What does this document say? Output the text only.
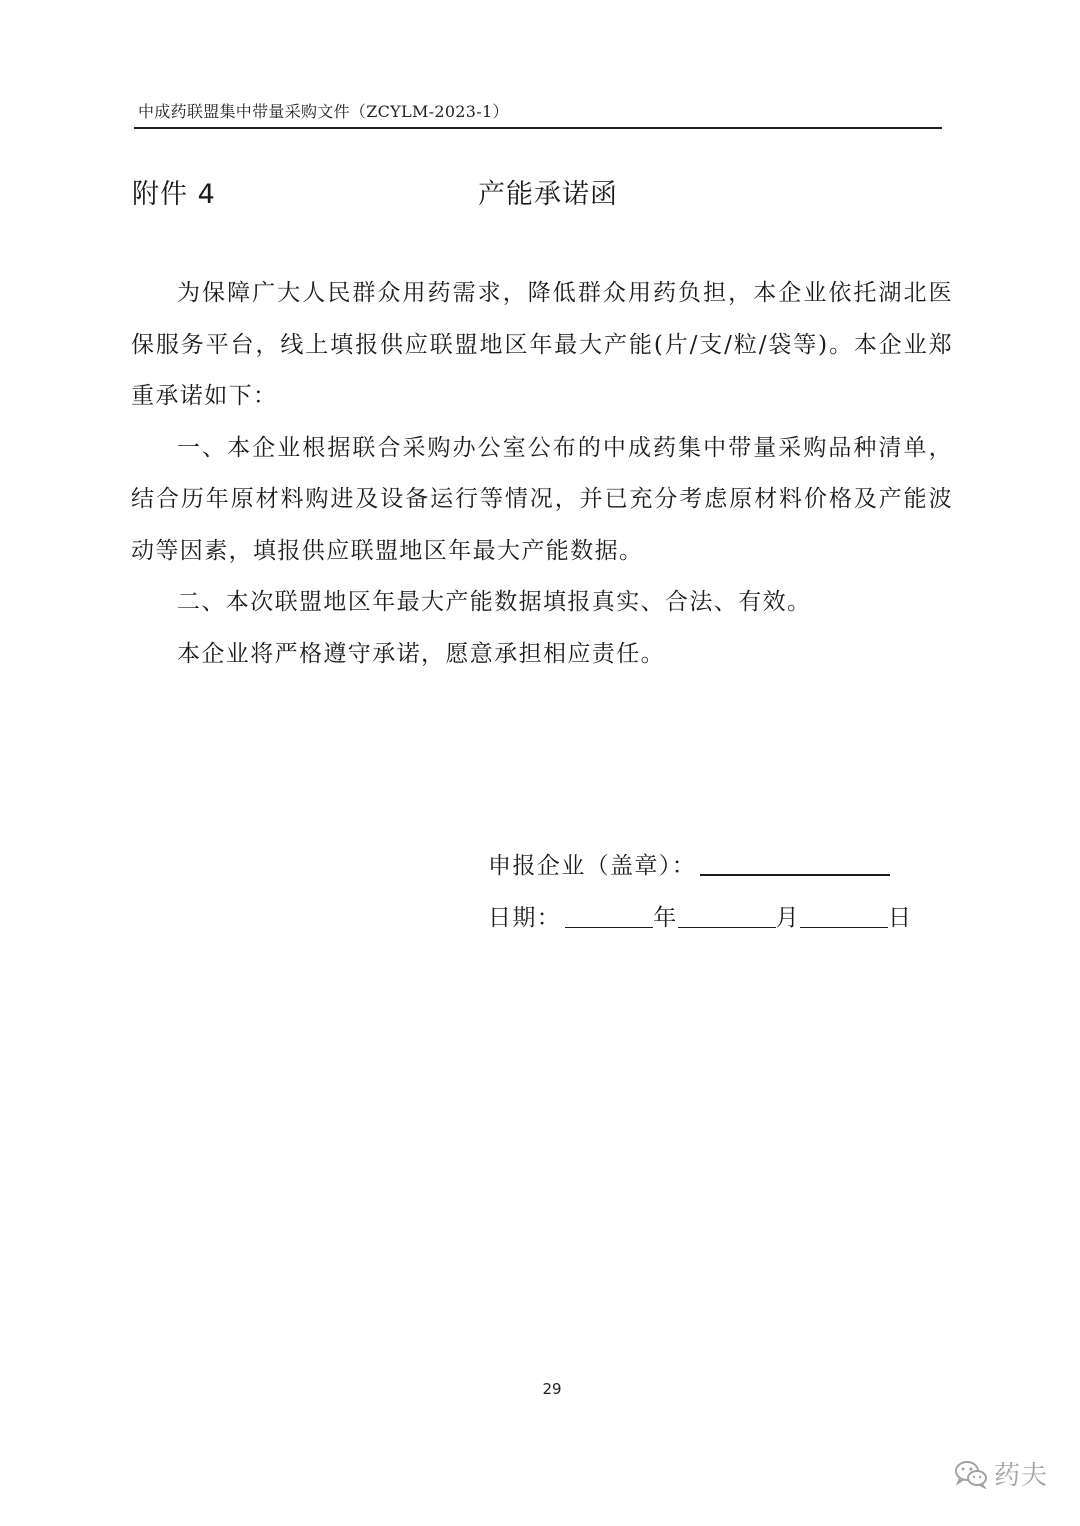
中成药联盟集中带量采购文件（ZCYLM-2023-1）
附件 4	产能承诺函

为保障广大人民群众用药需求，降低群众用药负担，本企业依托湖北医保服务平台，线上填报供应联盟地区年最大产能(片/支/粒/袋等)。本企业郑重承诺如下：

一、本企业根据联合采购办公室公布的中成药集中带量采购品种清单，结合历年原材料购进及设备运行等情况，并已充分考虑原材料价格及产能波动等因素，填报供应联盟地区年最大产能数据。

二、本次联盟地区年最大产能数据填报真实、合法、有效。

本企业将严格遵守承诺，愿意承担相应责任。

申报企业（盖章）：
日期：	年	月	日
29
药夫
